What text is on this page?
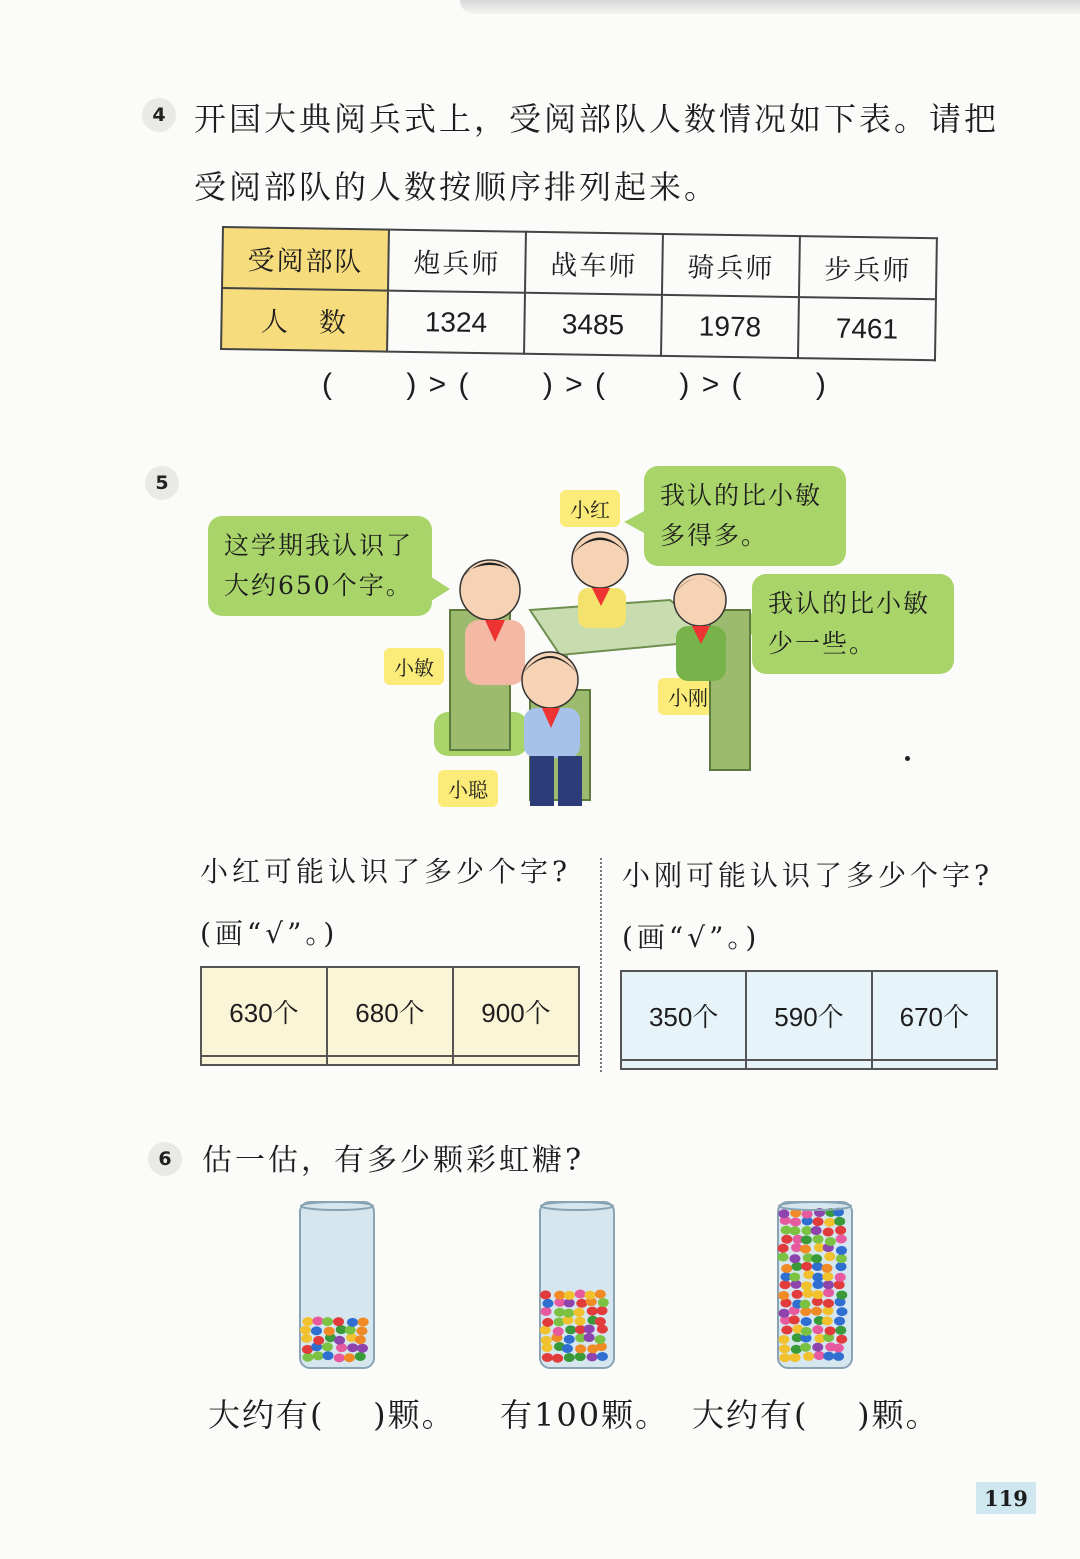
4 开国大典阅兵式上，受阅部队人数情况如下表。请把
受阅部队的人数按顺序排列起来。
受阅部队	炮兵师	战车师	骑兵师	步兵师
人　数	1324	3485	1978	7461
(       ) > (       ) > (       ) > (       )
5
这学期我认识了大约650个字。
我认的比小敏多得多。
我认的比小敏少一些。
小红
小敏
小刚
小聪
小红可能认识了多少个字?
(画“√”。)
小刚可能认识了多少个字?
(画“√”。)
630个	680个	900个
			350个	590个	670个

6	估一估，有多少颗彩虹糖?
大约有(    )颗。 有100颗。 大约有(    )颗。
119
